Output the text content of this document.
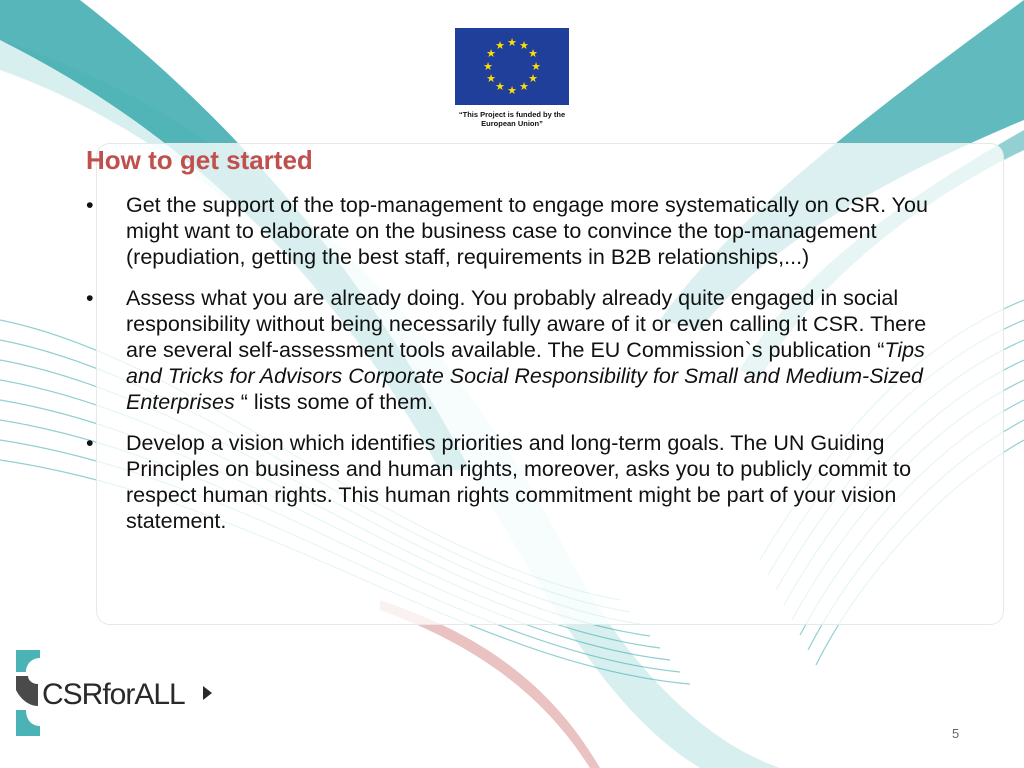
★ ★
★
★
★
★
★
★
★
★
★
★
“This Project is funded by the
European Union”
How to get started
• Get the support of the top-management to engage more systematically on CSR. You might want to elaborate on the business case to convince the top-management (repudiation, getting the best staff, requirements in B2B relationships,...)
• Assess what you are already doing. You probably already quite engaged in social responsibility without being necessarily fully aware of it or even calling it CSR. There are several self-assessment tools available. The EU Commission`s publication “Tips and Tricks for Advisors Corporate Social Responsibility for Small and Medium-Sized Enterprises “ lists some of them.
• Develop a vision which identifies priorities and long-term goals. The UN Guiding Principles on business and human rights, moreover, asks you to publicly commit to respect human rights. This human rights commitment might be part of your vision statement.
CSRforALL
5
